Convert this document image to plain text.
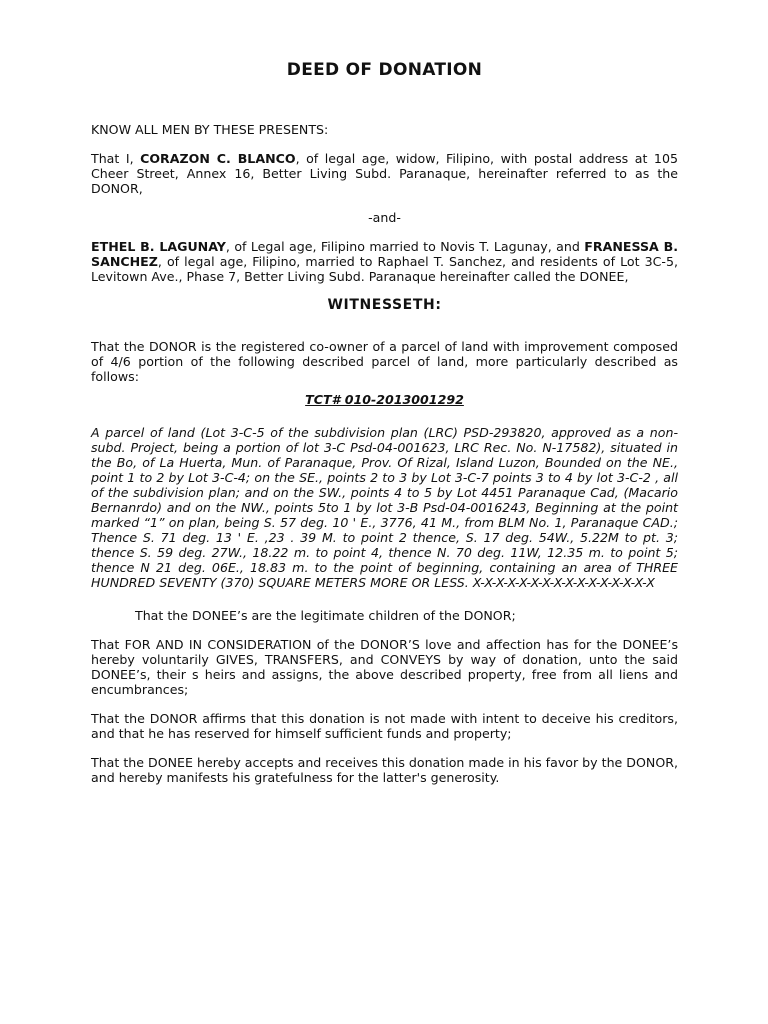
DEED OF DONATION

KNOW ALL MEN BY THESE PRESENTS:

That I, CORAZON C. BLANCO, of legal age, widow, Filipino, with postal address at 105 Cheer Street, Annex 16, Better Living Subd. Paranaque, hereinafter referred to as the DONOR,

-and-

ETHEL B. LAGUNAY, of Legal age, Filipino married to Novis T. Lagunay, and FRANESSA B. SANCHEZ, of legal age, Filipino, married to Raphael T. Sanchez, and residents of Lot 3C-5, Levitown Ave., Phase 7, Better Living Subd. Paranaque hereinafter called the DONEE,

WITNESSETH:

That the DONOR is the registered co-owner of a parcel of land with improvement composed of 4/6 portion of the following described parcel of land, more particularly described as follows:

TCT# 010-2013001292

A parcel of land (Lot 3-C-5 of the subdivision plan (LRC) PSD-293820, approved as a non-subd. Project, being a portion of lot 3-C Psd-04-001623, LRC Rec. No. N-17582), situated in the Bo, of La Huerta, Mun. of Paranaque, Prov. Of Rizal, Island Luzon, Bounded on the NE., point 1 to 2 by Lot 3-C-4; on the SE., points 2 to 3 by Lot 3-C-7 points 3 to 4 by lot 3-C-2 , all of the subdivision plan; and on the SW., points 4 to 5 by Lot 4451 Paranaque Cad, (Macario Bernanrdo) and on the NW., points 5to 1 by lot 3-B Psd-04-0016243, Beginning at the point marked “1” on plan, being S. 57 deg. 10 ' E., 3776, 41 M., from BLM No. 1, Paranaque CAD.; Thence S. 71 deg. 13 ' E. ,23 . 39 M. to point 2 thence, S. 17 deg. 54W., 5.22M to pt. 3; thence S. 59 deg. 27W., 18.22 m. to point 4, thence N. 70 deg. 11W, 12.35 m. to point 5; thence N 21 deg. 06E., 18.83 m. to the point of beginning, containing an area of THREE HUNDRED SEVENTY (370) SQUARE METERS MORE OR LESS. X-X-X-X-X-X-X-X-X-X-X-X-X-X-X-X

That the DONEE’s are the legitimate children of the DONOR;

That FOR AND IN CONSIDERATION of the DONOR’S love and affection has for the DONEE’s hereby voluntarily GIVES, TRANSFERS, and CONVEYS by way of donation, unto the said DONEE’s, their s heirs and assigns, the above described property, free from all liens and encumbrances;

That the DONOR affirms that this donation is not made with intent to deceive his creditors, and that he has reserved for himself sufficient funds and property;

That the DONEE hereby accepts and receives this donation made in his favor by the DONOR, and hereby manifests his gratefulness for the latter's generosity.
